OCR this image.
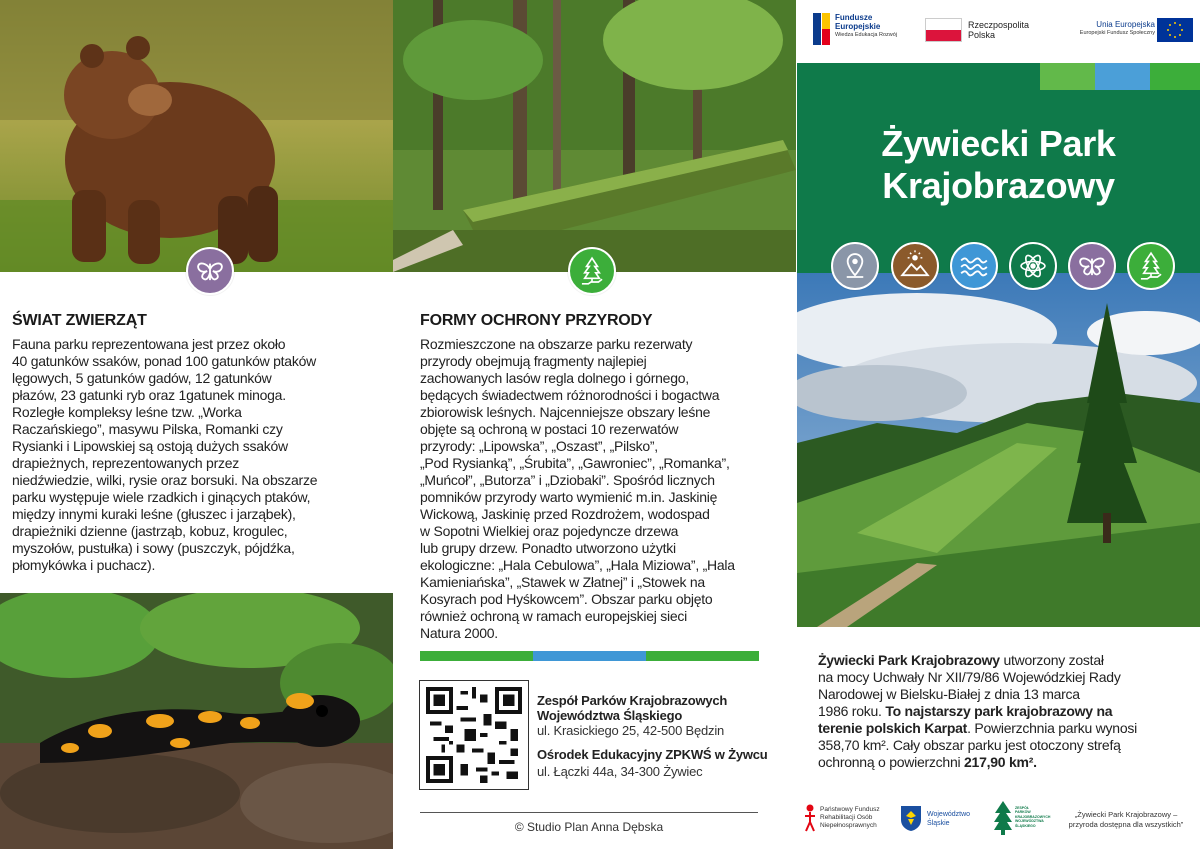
ŚWIAT ZWIERZĄT
Fauna parku reprezentowana jest przez około
40 gatunków ssaków, ponad 100 gatunków ptaków
lęgowych, 5 gatunków gadów, 12 gatunków
płazów, 23 gatunki ryb oraz 1gatunek minoga.
Rozległe kompleksy leśne tzw. „Worka
Raczańskiego”, masywu Pilska, Romanki czy
Rysianki i Lipowskiej są ostoją dużych ssaków
drapieżnych, reprezentowanych przez
niedźwiedzie, wilki, rysie oraz borsuki. Na obszarze
parku występuje wiele rzadkich i ginących ptaków,
między innymi kuraki leśne (głuszec i jarząbek),
drapieżniki dzienne (jastrząb, kobuz, krogulec,
myszołów, pustułka) i sowy (puszczyk, pójdźka,
płomykówka i puchacz).
FORMY OCHRONY PRZYRODY
Rozmieszczone na obszarze parku rezerwaty
przyrody obejmują fragmenty najlepiej
zachowanych lasów regla dolnego i górnego,
będących świadectwem różnorodności i bogactwa
zbiorowisk leśnych. Najcenniejsze obszary leśne
objęte są ochroną w postaci 10 rezerwatów
przyrody: „Lipowska”, „Oszast”, „Pilsko”,
„Pod Rysianką”, „Śrubita”, „Gawroniec”, „Romanka”,
„Muńcoł”, „Butorza” i „Dziobaki”. Spośród licznych
pomników przyrody warto wymienić m.in. Jaskinię
Wickową, Jaskinię przed Rozdrożem, wodospad
w Sopotni Wielkiej oraz pojedyncze drzewa
lub grupy drzew. Ponadto utworzono użytki
ekologiczne: „Hala Cebulowa”, „Hala Miziowa”, „Hala
Kamieniańska”, „Stawek w Złatnej” i „Stowek na
Kosyrach pod Hyśkowcem”. Obszar parku objęto
również ochroną w ramach europejskiej sieci
Natura 2000.
Zespół Parków Krajobrazowych
Województwa Śląskiego
ul. Krasickiego 25, 42-500 Będzin
Ośrodek Edukacyjny ZPKWŚ w Żywcu
ul. Łączki 44a, 34-300 Żywiec
© Studio Plan Anna Dębska
Fundusze
Europejskie
Wiedza Edukacja Rozwój
Rzeczpospolita
Polska
Unia Europejska
Europejski Fundusz Społeczny
Żywiecki Park
Krajobrazowy
Żywiecki Park Krajobrazowy utworzony został
na mocy Uchwały Nr XII/79/86 Wojewódzkiej Rady
Narodowej w Bielsku-Białej z dnia 13 marca
1986 roku. To najstarszy park krajobrazowy na
terenie polskich Karpat. Powierzchnia parku wynosi
358,70 km². Cały obszar parku jest otoczony strefą
ochronną o powierzchni 217,90 km².
Państwowy Fundusz
Rehabilitacji Osób
Niepełnosprawnych
Województwo
Śląskie
ZESPÓŁ
PARKÓW
KRAJOBRAZOWYCH
WOJEWÓDZTWA
ŚLĄSKIEGO
„Żywiecki Park Krajobrazowy –
przyroda dostępna dla wszystkich”
